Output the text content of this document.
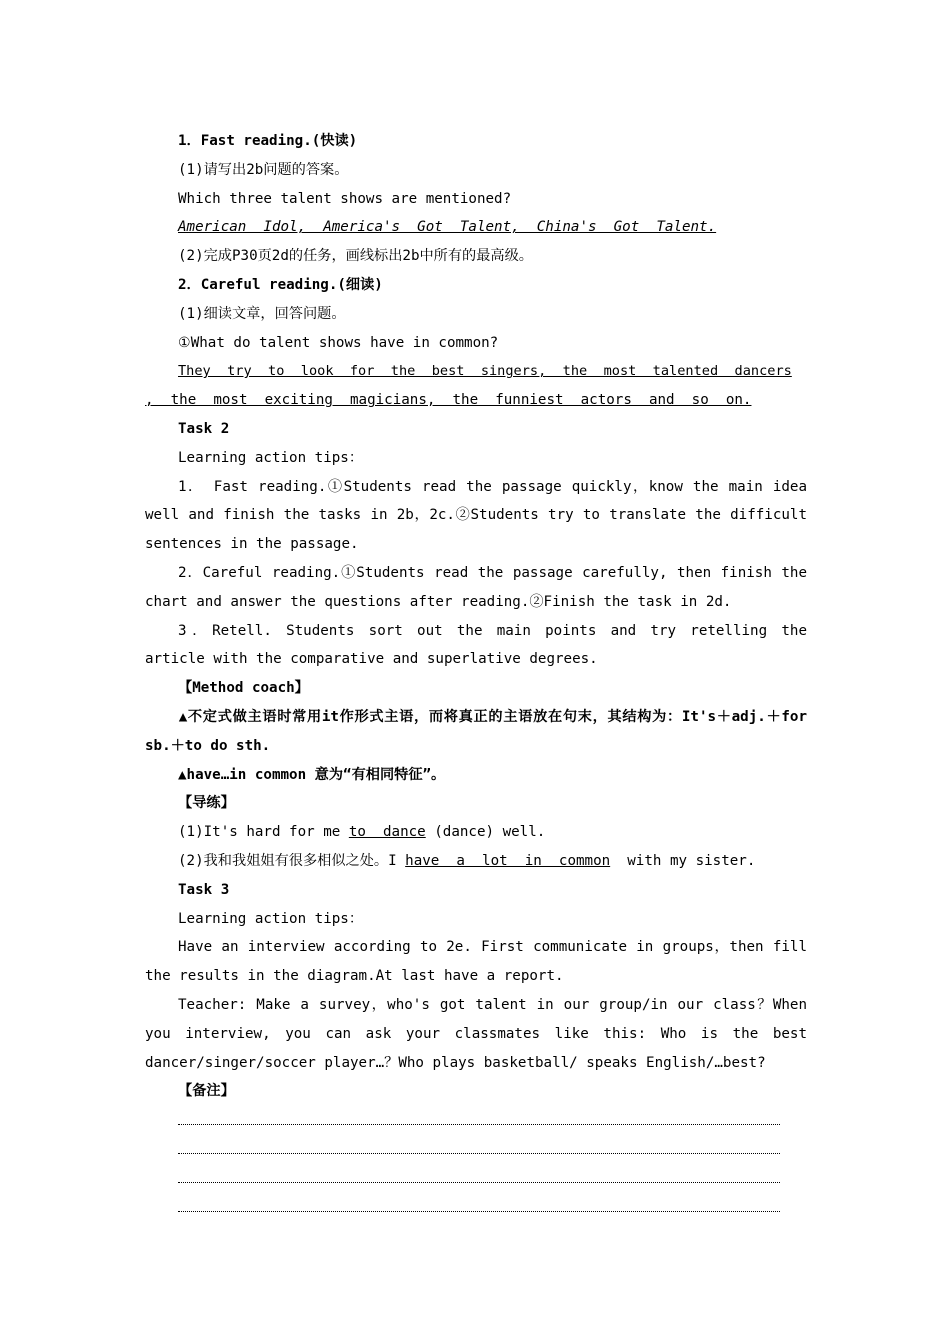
1．Fast reading.(快读)
(1)请写出2b问题的答案。
Which three talent shows are mentioned?
American  Idol,  America's  Got  Talent,  China's  Got  Talent.
(2)完成P30页2d的任务，画线标出2b中所有的最高级。
2．Careful reading.(细读)
(1)细读文章，回答问题。
①What do talent shows have in common?
They  try  to  look  for  the  best  singers,  the  most  talented  dancers
,  the  most  exciting  magicians,  the  funniest  actors  and  so  on.
Task 2
Learning action tips：
1． Fast reading.①Students read the passage quickly，know the main idea well and finish the tasks in 2b，2c.②Students try to translate the difficult sentences in the passage.
2．Careful reading.①Students read the passage carefully, then finish the chart and answer the questions after reading.②Finish the task in 2d.
3．Retell. Students sort out the main points and try retelling the article with the comparative and superlative degrees.
【Method coach】
▲不定式做主语时常用it作形式主语，而将真正的主语放在句末，其结构为：It's＋adj.＋for sb.＋to do sth.
▲have…in common 意为“有相同特征”。
【导练】
(1)It's hard for me to  dance (dance) well.
(2)我和我姐姐有很多相似之处。I have  a  lot  in  common  with my sister.
Task 3
Learning action tips：
Have an interview according to 2e. First communicate in groups，then fill the results in the diagram.At last have a report.
Teacher: Make a survey，who's got talent in our group/in our class？When you interview, you can ask your classmates like this: Who is the best dancer/singer/soccer player…？Who plays basketball/ speaks English/…best?
【备注】
